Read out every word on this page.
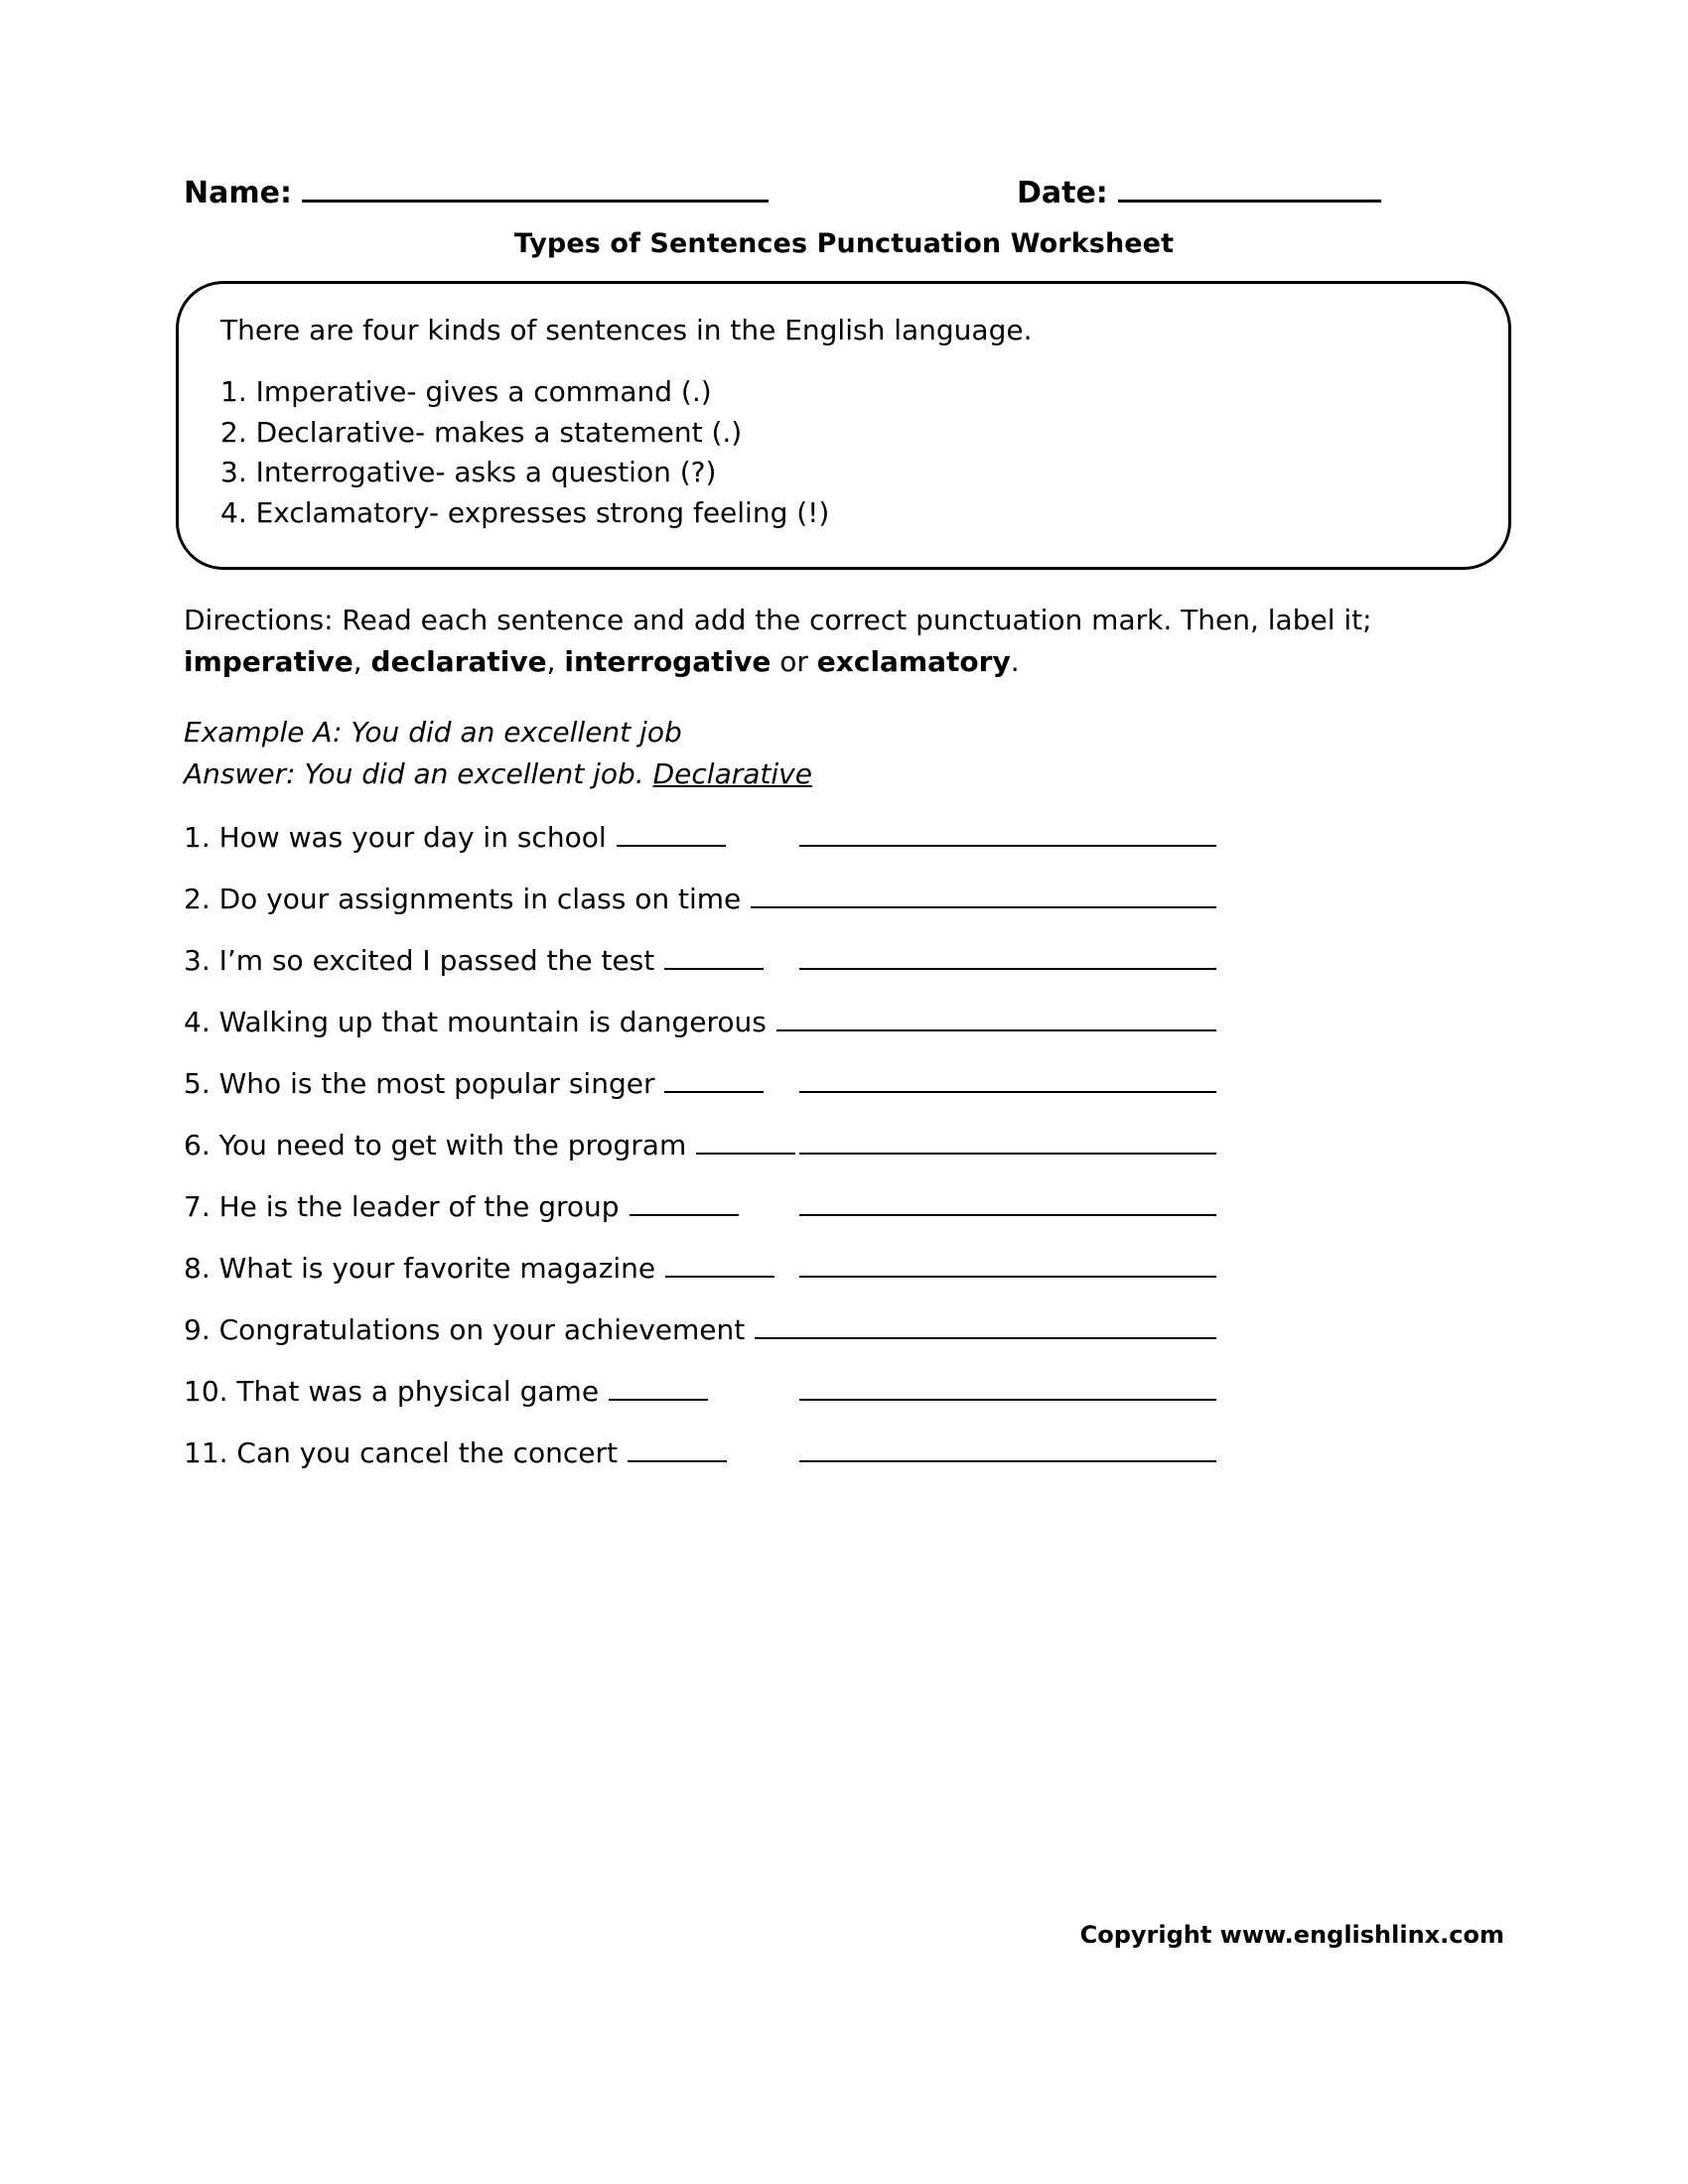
Name:	Date:
Types of Sentences Punctuation Worksheet
There are four kinds of sentences in the English language.
1. Imperative- gives a command (.)
2. Declarative- makes a statement (.)
3. Interrogative- asks a question (?)
4. Exclamatory- expresses strong feeling (!)
Directions: Read each sentence and add the correct punctuation mark. Then, label it; imperative, declarative, interrogative or exclamatory.
Example A: You did an excellent job
Answer: You did an excellent job. Declarative
1. How was your day in school
2. Do your assignments in class on time
3. I’m so excited I passed the test
4. Walking up that mountain is dangerous
5. Who is the most popular singer
6. You need to get with the program
7. He is the leader of the group
8. What is your favorite magazine
9. Congratulations on your achievement
10. That was a physical game
11. Can you cancel the concert
Copyright www.englishlinx.com
